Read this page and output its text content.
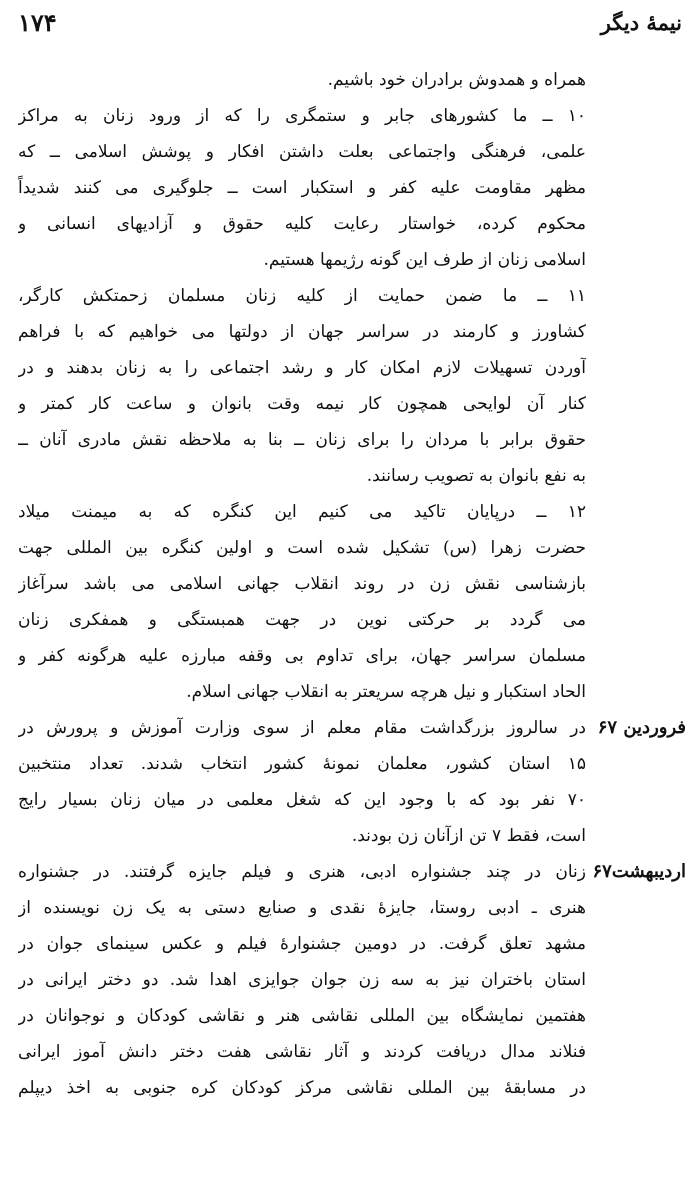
نیمهٔ دیگر
۱۷۴
همراه و همدوش برادران خود باشیم.
۱۰ ــ ما کشورهای جابر و ستمگری را که از ورود زنان به مراکز
علمی، فرهنگی واجتماعی بعلت داشتن افکار و پوشش اسلامی ــ که
مظهر مقاومت علیه کفر و استکبار است ــ جلوگیری می کنند شدیداً
محکوم کرده، خواستار رعایت کلیه حقوق و آزادیهای انسانی و
اسلامی زنان از طرف این گونه رژیمها هستیم.
۱۱ ــ ما ضمن حمایت از کلیه زنان مسلمان زحمتکش کارگر،
کشاورز و کارمند در سراسر جهان از دولتها می خواهیم که با فراهم
آوردن تسهیلات لازم امکان کار و رشد اجتماعی را به زنان بدهند و در
کنار آن لوایحی همچون کار نیمه وقت بانوان و ساعت کار کمتر و
حقوق برابر با مردان را برای زنان ــ بنا به ملاحظه نقش مادری آنان ــ
به نفع بانوان به تصویب رسانند.
۱۲ ــ درپایان تاکید می کنیم این کنگره که به میمنت میلاد
حضرت زهرا (س) تشکیل شده است و اولین کنگره بین المللی جهت
بازشناسی نقش زن در روند انقلاب جهانی اسلامی می باشد سرآغاز
می گردد بر حرکتی نوین در جهت همبستگی و همفکری زنان
مسلمان سراسر جهان، برای تداوم بی وقفه مبارزه علیه هرگونه کفر و
الحاد استکبار و نیل هرچه سریعتر به انقلاب جهانی اسلام.
فروردین ۶۷
در سالروز بزرگداشت مقام معلم از سوی وزارت آموزش و پرورش در
۱۵ استان کشور، معلمان نمونهٔ کشور انتخاب شدند. تعداد منتخبین
۷۰ نفر بود که با وجود این که شغل معلمی در میان زنان بسیار رایج
است، فقط ۷ تن ازآنان زن بودند.
اردیبهشت۶۷
زنان در چند جشنواره ادبی، هنری و فیلم جایزه گرفتند. در جشنواره
هنری ـ ادبی روستا، جایزهٔ نقدی و صنایع دستی به یک زن نویسنده از
مشهد تعلق گرفت. در دومین جشنوارهٔ فیلم و عکس سینمای جوان در
استان باختران نیز به سه زن جوان جوایزی اهدا شد. دو دختر ایرانی در
هفتمین نمایشگاه بین المللی نقاشی هنر و نقاشی کودکان و نوجوانان در
فنلاند مدال دریافت کردند و آثار نقاشی هفت دختر دانش آموز ایرانی
در مسابقهٔ بین المللی نقاشی مرکز کودکان کره جنوبی به اخذ دیپلم
